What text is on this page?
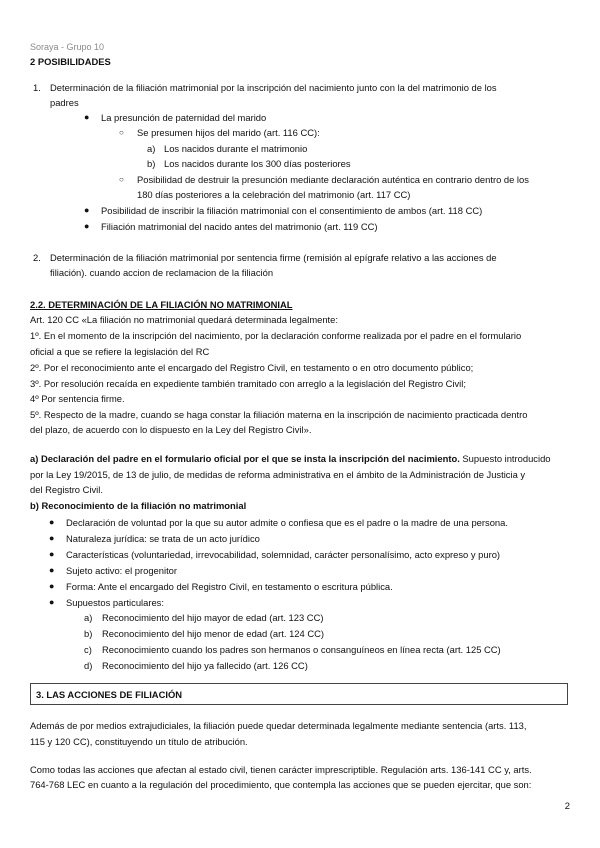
Soraya - Grupo 10
2 POSIBILIDADES
1. Determinación de la filiación matrimonial por la inscripción del nacimiento junto con la del matrimonio de los
padres
● La presunción de paternidad del marido
○ Se presumen hijos del marido (art. 116 CC):
a) Los nacidos durante el matrimonio
b) Los nacidos durante los 300 días posteriores
○ Posibilidad de destruir la presunción mediante declaración auténtica en contrario dentro de los
180 días posteriores a la celebración del matrimonio (art. 117 CC)
● Posibilidad de inscribir la filiación matrimonial con el consentimiento de ambos (art. 118 CC)
● Filiación matrimonial del nacido antes del matrimonio (art. 119 CC)
2. Determinación de la filiación matrimonial por sentencia firme (remisión al epígrafe relativo a las acciones de
filiación). cuando accion de reclamacion de la filiación
2.2. DETERMINACIÓN DE LA FILIACIÓN NO MATRIMONIAL
Art. 120 CC «La filiación no matrimonial quedará determinada legalmente:
1º. En el momento de la inscripción del nacimiento, por la declaración conforme realizada por el padre en el formulario
oficial a que se refiere la legislación del RC
2º. Por el reconocimiento ante el encargado del Registro Civil, en testamento o en otro documento público;
3º. Por resolución recaída en expediente también tramitado con arreglo a la legislación del Registro Civil;
4º Por sentencia firme.
5º. Respecto de la madre, cuando se haga constar la filiación materna en la inscripción de nacimiento practicada dentro
del plazo, de acuerdo con lo dispuesto en la Ley del Registro Civil».
a) Declaración del padre en el formulario oficial por el que se insta la inscripción del nacimiento. Supuesto introducido
por la Ley 19/2015, de 13 de julio, de medidas de reforma administrativa en el ámbito de la Administración de Justicia y
del Registro Civil.
b) Reconocimiento de la filiación no matrimonial
● Declaración de voluntad por la que su autor admite o confiesa que es el padre o la madre de una persona.
● Naturaleza jurídica: se trata de un acto jurídico
● Características (voluntariedad, irrevocabilidad, solemnidad, carácter personalísimo, acto expreso y puro)
● Sujeto activo: el progenitor
● Forma: Ante el encargado del Registro Civil, en testamento o escritura pública.
● Supuestos particulares:
a) Reconocimiento del hijo mayor de edad (art. 123 CC)
b) Reconocimiento del hijo menor de edad (art. 124 CC)
c) Reconocimiento cuando los padres son hermanos o consanguíneos en línea recta (art. 125 CC)
d) Reconocimiento del hijo ya fallecido (art. 126 CC)
3. LAS ACCIONES DE FILIACIÓN
Además de por medios extrajudiciales, la filiación puede quedar determinada legalmente mediante sentencia (arts. 113,
115 y 120 CC), constituyendo un título de atribución.
Como todas las acciones que afectan al estado civil, tienen carácter imprescriptible. Regulación arts. 136-141 CC y, arts.
764-768 LEC en cuanto a la regulación del procedimiento, que contempla las acciones que se pueden ejercitar, que son:
2
